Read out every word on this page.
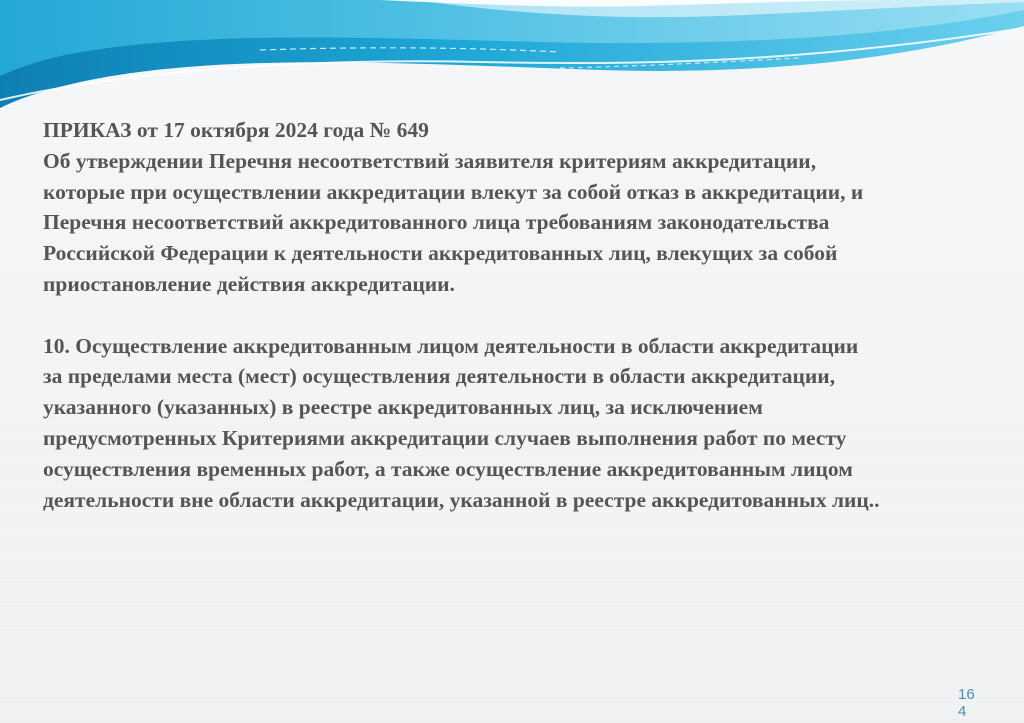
ПРИКАЗ от 17 октября 2024 года № 649
Об утверждении Перечня несоответствий заявителя критериям аккредитации,
которые при осуществлении аккредитации влекут за собой отказ в аккредитации, и
Перечня несоответствий аккредитованного лица требованиям законодательства
Российской Федерации к деятельности аккредитованных лиц, влекущих за собой
приостановление действия аккредитации.
10. Осуществление аккредитованным лицом деятельности в области аккредитации
за пределами места (мест) осуществления деятельности в области аккредитации,
указанного (указанных) в реестре аккредитованных лиц, за исключением
предусмотренных Критериями аккредитации случаев выполнения работ по месту
осуществления временных работ, а также осуществление аккредитованным лицом
деятельности вне области аккредитации, указанной в реестре аккредитованных лиц..
164
